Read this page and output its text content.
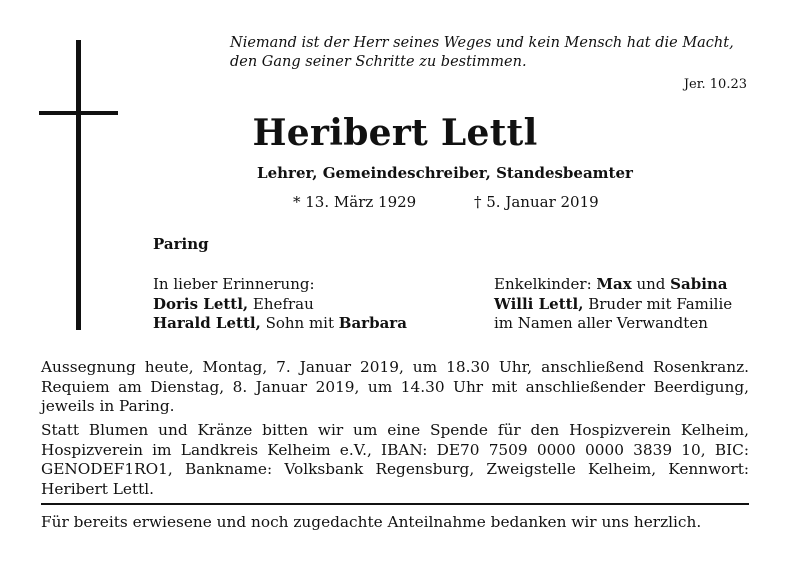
Niemand ist der Herr seines Weges und kein Mensch hat die Macht,
den Gang seiner Schritte zu bestimmen.
Jer. 10.23
Heribert Lettl
Lehrer, Gemeindeschreiber, Standesbeamter
* 13. März 1929	† 5. Januar 2019
Paring
In lieber Erinnerung:
Doris Lettl, Ehefrau
Harald Lettl, Sohn mit Barbara
Enkelkinder: Max und Sabina
Willi Lettl, Bruder mit Familie
im Namen aller Verwandten
Aussegnung heute, Montag, 7. Januar 2019, um 18.30 Uhr, anschließend Rosenkranz. Requiem am Dienstag, 8. Januar 2019, um 14.30 Uhr mit anschließender Beerdigung, jeweils in Paring.
Statt Blumen und Kränze bitten wir um eine Spende für den Hospizverein Kelheim, Hospizverein im Landkreis Kelheim e.V., IBAN: DE70 7509 0000 0000 3839 10, BIC: GENODEF1RO1, Bankname: Volksbank Regensburg, Zweigstelle Kelheim, Kennwort: Heribert Lettl.
Für bereits erwiesene und noch zugedachte Anteilnahme bedanken wir uns herzlich.
